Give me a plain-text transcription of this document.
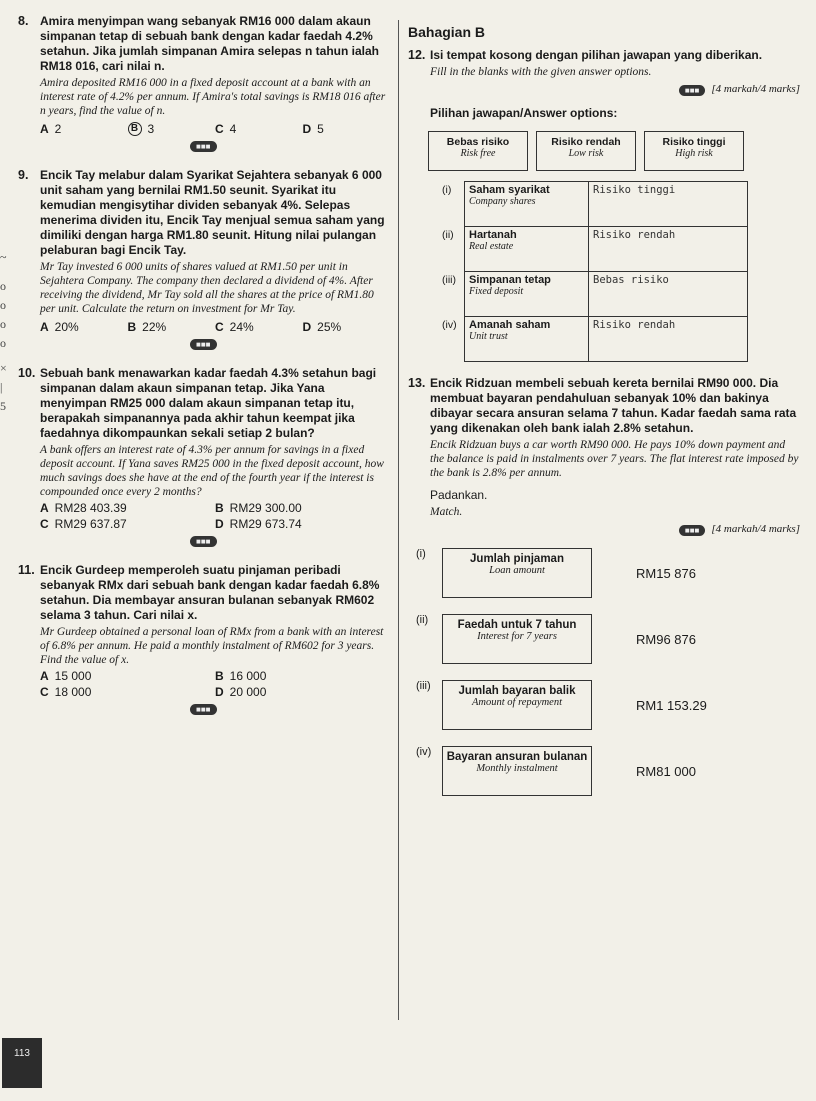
~
o
o
o
o
×
|
5
8. Amira menyimpan wang sebanyak RM16 000 dalam akaun simpanan tetap di sebuah bank dengan kadar faedah 4.2% setahun. Jika jumlah simpanan Amira selepas n tahun ialah RM18 016, cari nilai n.
Amira deposited RM16 000 in a fixed deposit account at a bank with an interest rate of 4.2% per annum. If Amira's total savings is RM18 016 after n years, find the value of n.
A 2	B 3	C 4	D 5
■■■
9. Encik Tay melabur dalam Syarikat Sejahtera sebanyak 6 000 unit saham yang bernilai RM1.50 seunit. Syarikat itu kemudian mengisytihar dividen sebanyak 4%. Selepas menerima dividen itu, Encik Tay menjual semua saham yang dimiliki dengan harga RM1.80 seunit. Hitung nilai pulangan pelaburan bagi Encik Tay.
Mr Tay invested 6 000 units of shares valued at RM1.50 per unit in Sejahtera Company. The company then declared a dividend of 4%. After receiving the dividend, Mr Tay sold all the shares at the price of RM1.80 per unit. Calculate the return on investment for Mr Tay.
A 20%	B 22%	C 24%	D 25%
■■■
10. Sebuah bank menawarkan kadar faedah 4.3% setahun bagi simpanan dalam akaun simpanan tetap. Jika Yana menyimpan RM25 000 dalam akaun simpanan tetap itu, berapakah simpanannya pada akhir tahun keempat jika faedahnya dikompaunkan sekali setiap 2 bulan?
A bank offers an interest rate of 4.3% per annum for savings in a fixed deposit account. If Yana saves RM25 000 in the fixed deposit account, how much savings does she have at the end of the fourth year if the interest is compounded once every 2 months?
A RM28 403.39	B RM29 300.00
C RM29 637.87	D RM29 673.74
■■■
11. Encik Gurdeep memperoleh suatu pinjaman peribadi sebanyak RMx dari sebuah bank dengan kadar faedah 6.8% setahun. Dia membayar ansuran bulanan sebanyak RM602 selama 3 tahun. Cari nilai x.
Mr Gurdeep obtained a personal loan of RMx from a bank with an interest of 6.8% per annum. He paid a monthly instalment of RM602 for 3 years. Find the value of x.
A 15 000	B 16 000
C 18 000	D 20 000
■■■
Bahagian B
12. Isi tempat kosong dengan pilihan jawapan yang diberikan.
Fill in the blanks with the given answer options.
■■■	[4 markah/4 marks]
Pilihan jawapan/Answer options:
Bebas risiko
Risk free
Risiko rendah
Low risk
Risiko tinggi
High risk
(i)	Saham syarikat
Company shares	Risiko tinggi
(ii)	Hartanah
Real estate	Risiko rendah
(iii)	Simpanan tetap
Fixed deposit	Bebas risiko
(iv)	Amanah saham
Unit trust	Risiko rendah
13. Encik Ridzuan membeli sebuah kereta bernilai RM90 000. Dia membuat bayaran pendahuluan sebanyak 10% dan bakinya dibayar secara ansuran selama 7 tahun. Kadar faedah sama rata yang dikenakan oleh bank ialah 2.8% setahun.
Encik Ridzuan buys a car worth RM90 000. He pays 10% down payment and the balance is paid in instalments over 7 years. The flat interest rate imposed by the bank is 2.8% per annum.
Padankan.
Match.
■■■	[4 markah/4 marks]
(i)	Jumlah pinjaman
Loan amount	RM15 876
(ii)	Faedah untuk 7 tahun
Interest for 7 years	RM96 876
(iii)	Jumlah bayaran balik
Amount of repayment	RM1 153.29
(iv)	Bayaran ansuran bulanan
Monthly instalment	RM81 000
113
